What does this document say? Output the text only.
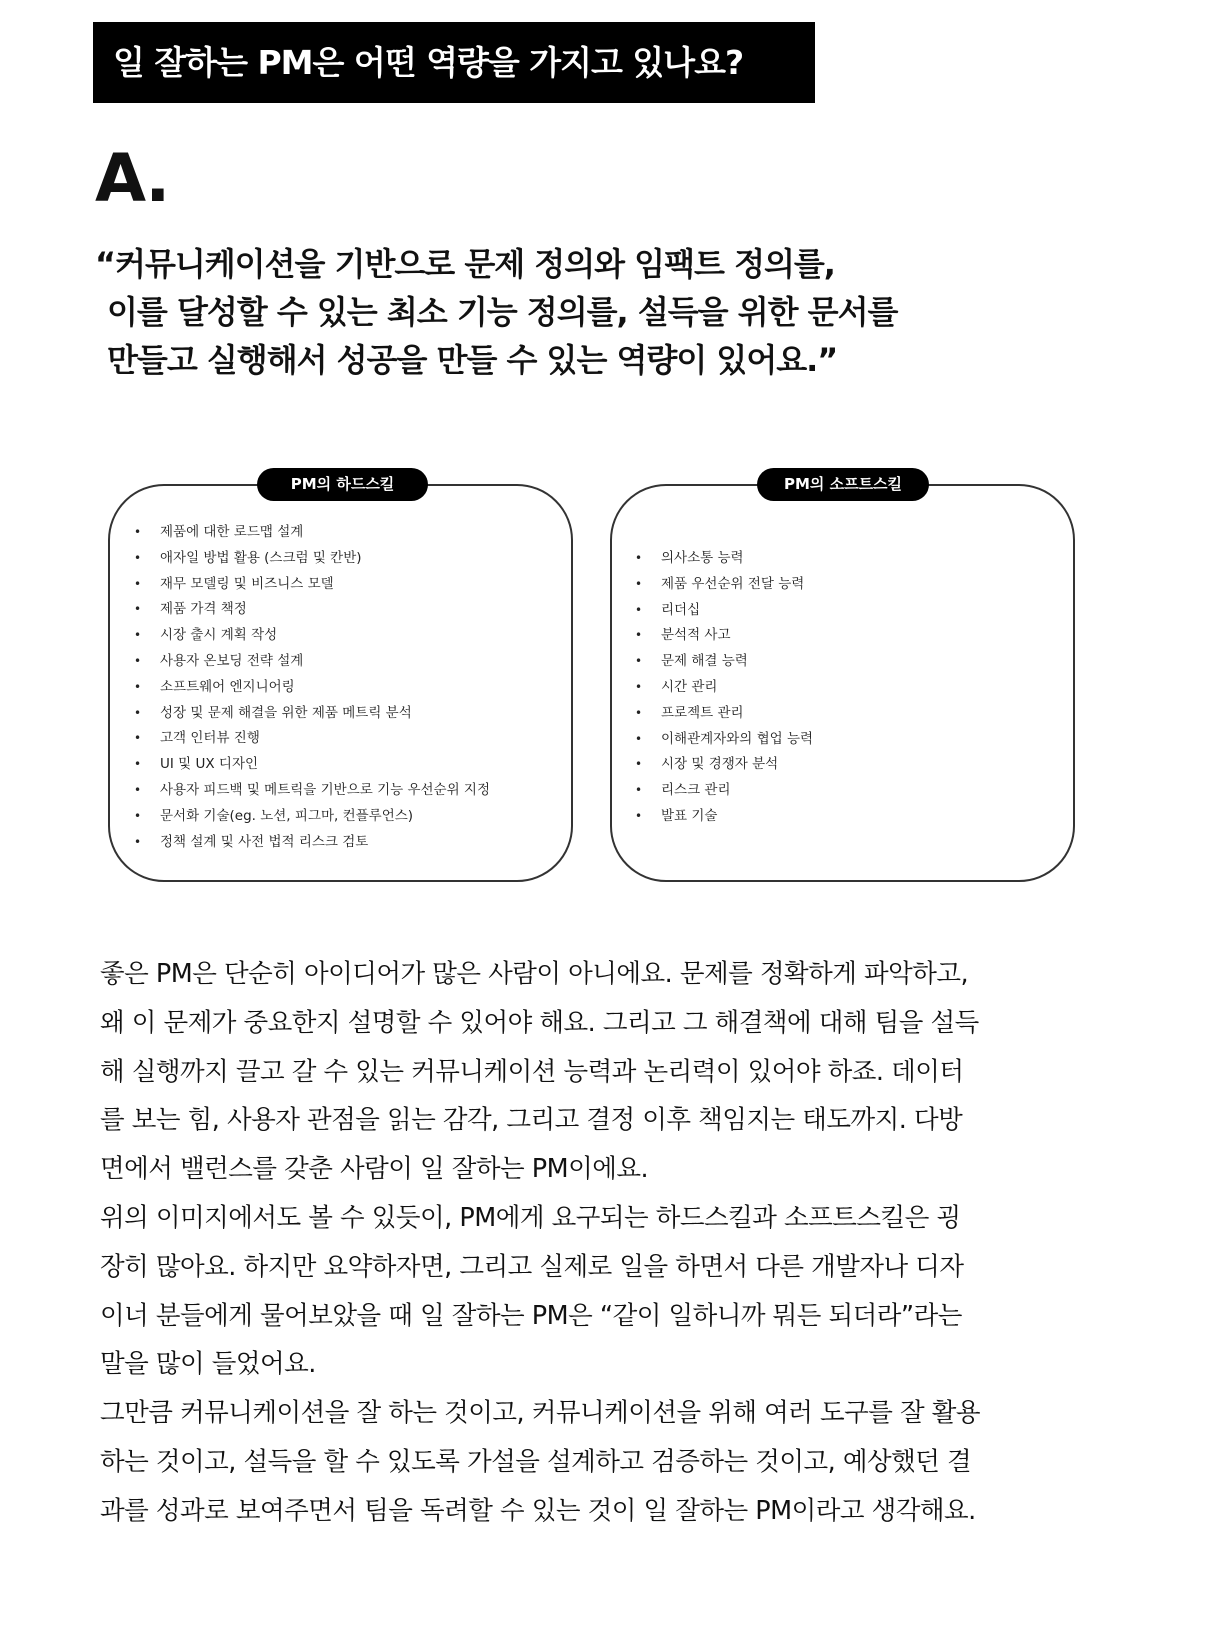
일 잘하는 PM은 어떤 역량을 가지고 있나요?
A.
“커뮤니케이션을 기반으로 문제 정의와 임팩트 정의를,
이를 달성할 수 있는 최소 기능 정의를, 설득을 위한 문서를
만들고 실행해서 성공을 만들 수 있는 역량이 있어요.”
PM의 하드스킬
• 제품에 대한 로드맵 설계
• 애자일 방법 활용 (스크럼 및 칸반)
• 재무 모델링 및 비즈니스 모델
• 제품 가격 책정
• 시장 출시 계획 작성
• 사용자 온보딩 전략 설계
• 소프트웨어 엔지니어링
• 성장 및 문제 해결을 위한 제품 메트릭 분석
• 고객 인터뷰 진행
• UI 및 UX 디자인
• 사용자 피드백 및 메트릭을 기반으로 기능 우선순위 지정
• 문서화 기술(eg. 노션, 피그마, 컨플루언스)
• 정책 설계 및 사전 법적 리스크 검토
PM의 소프트스킬
• 의사소통 능력
• 제품 우선순위 전달 능력
• 리더십
• 분석적 사고
• 문제 해결 능력
• 시간 관리
• 프로젝트 관리
• 이해관계자와의 협업 능력
• 시장 및 경쟁자 분석
• 리스크 관리
• 발표 기술
좋은 PM은 단순히 아이디어가 많은 사람이 아니에요. 문제를 정확하게 파악하고,
왜 이 문제가 중요한지 설명할 수 있어야 해요. 그리고 그 해결책에 대해 팀을 설득
해 실행까지 끌고 갈 수 있는 커뮤니케이션 능력과 논리력이 있어야 하죠. 데이터
를 보는 힘, 사용자 관점을 읽는 감각, 그리고 결정 이후 책임지는 태도까지. 다방
면에서 밸런스를 갖춘 사람이 일 잘하는 PM이에요.
위의 이미지에서도 볼 수 있듯이, PM에게 요구되는 하드스킬과 소프트스킬은 굉
장히 많아요. 하지만 요약하자면, 그리고 실제로 일을 하면서 다른 개발자나 디자
이너 분들에게 물어보았을 때 일 잘하는 PM은 “같이 일하니까 뭐든 되더라”라는
말을 많이 들었어요.
그만큼 커뮤니케이션을 잘 하는 것이고, 커뮤니케이션을 위해 여러 도구를 잘 활용
하는 것이고, 설득을 할 수 있도록 가설을 설계하고 검증하는 것이고, 예상했던 결
과를 성과로 보여주면서 팀을 독려할 수 있는 것이 일 잘하는 PM이라고 생각해요.
